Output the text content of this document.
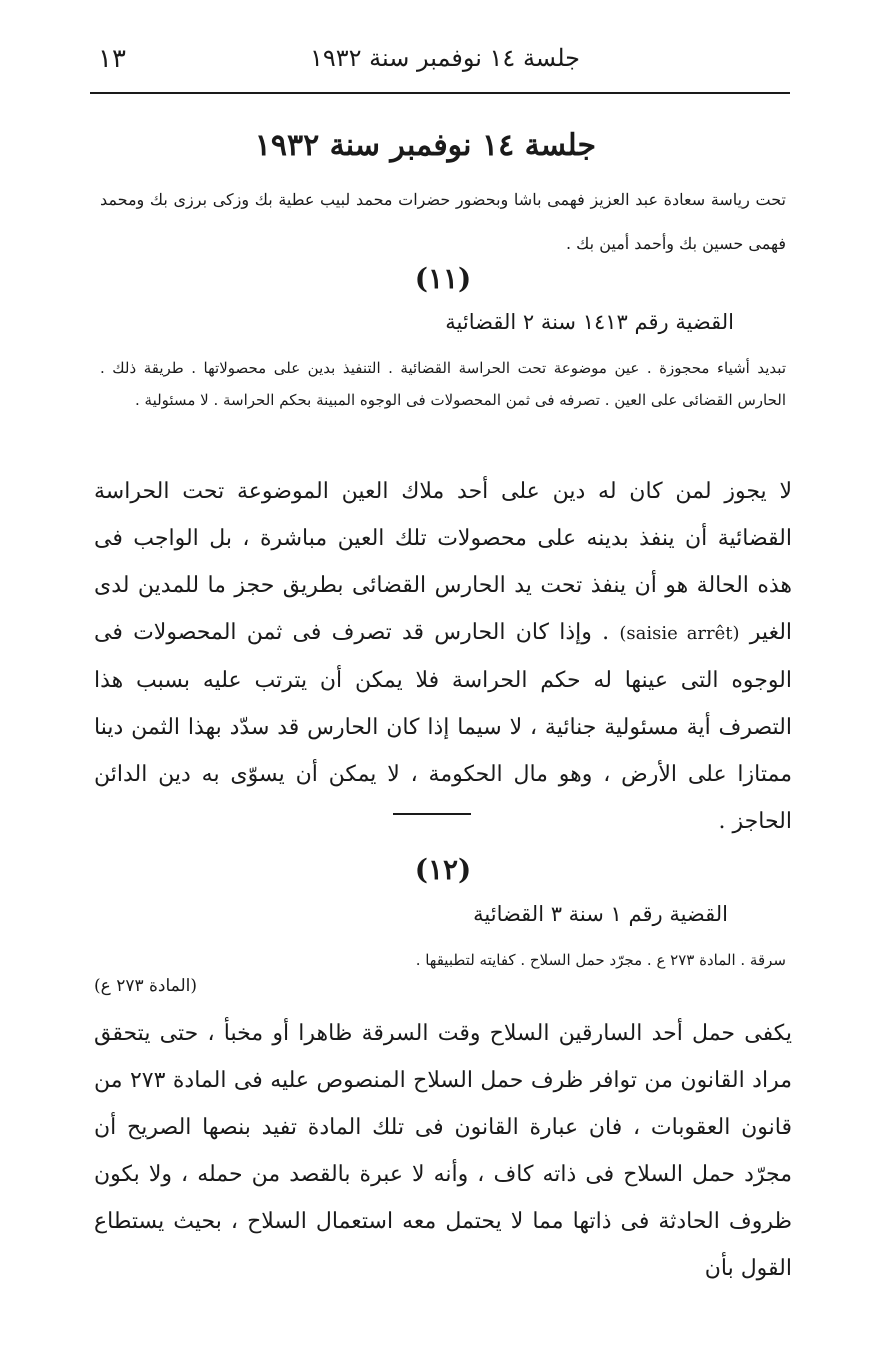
١٣	جلسة ١٤ نوفمبر سنة ١٩٣٢
جلسة ١٤ نوفمبر سنة ١٩٣٢
تحت رياسة سعادة عبد العزيز فهمى باشا وبحضور حضرات محمد لبيب عطية بك وزكى برزى بك ومحمد فهمى حسين بك وأحمد أمين بك .
(١١)
القضية رقم ١٤١٣ سنة ٢ القضائية
تبديد أشياء محجوزة . عين موضوعة تحت الحراسة القضائية . التنفيذ بدين على محصولاتها . طريقة ذلك . الحارس القضائى على العين . تصرفه فى ثمن المحصولات فى الوجوه المبينة بحكم الحراسة . لا مسئولية .
لا يجوز لمن كان له دين على أحد ملاك العين الموضوعة تحت الحراسة القضائية أن ينفذ بدينه على محصولات تلك العين مباشرة ، بل الواجب فى هذه الحالة هو أن ينفذ تحت يد الحارس القضائى بطريق حجز ما للمدين لدى الغير (saisie arrêt) . وإذا كان الحارس قد تصرف فى ثمن المحصولات فى الوجوه التى عينها له حكم الحراسة فلا يمكن أن يترتب عليه بسبب هذا التصرف أية مسئولية جنائية ، لا سيما إذا كان الحارس قد سدّد بهذا الثمن دينا ممتازا على الأرض ، وهو مال الحكومة ، لا يمكن أن يسوّى به دين الدائن الحاجز .
(١٢)
القضية رقم ١ سنة ٣ القضائية
سرقة . المادة ٢٧٣ ع . مجرّد حمل السلاح . كفايته لتطبيقها .
(المادة ٢٧٣ ع)
يكفى حمل أحد السارقين السلاح وقت السرقة ظاهرا أو مخبأ ، حتى يتحقق مراد القانون من توافر ظرف حمل السلاح المنصوص عليه فى المادة ٢٧٣ من قانون العقوبات ، فان عبارة القانون فى تلك المادة تفيد بنصها الصريح أن مجرّد حمل السلاح فى ذاته كاف ، وأنه لا عبرة بالقصد من حمله ، ولا بكون ظروف الحادثة فى ذاتها مما لا يحتمل معه استعمال السلاح ، بحيث يستطاع القول بأن
